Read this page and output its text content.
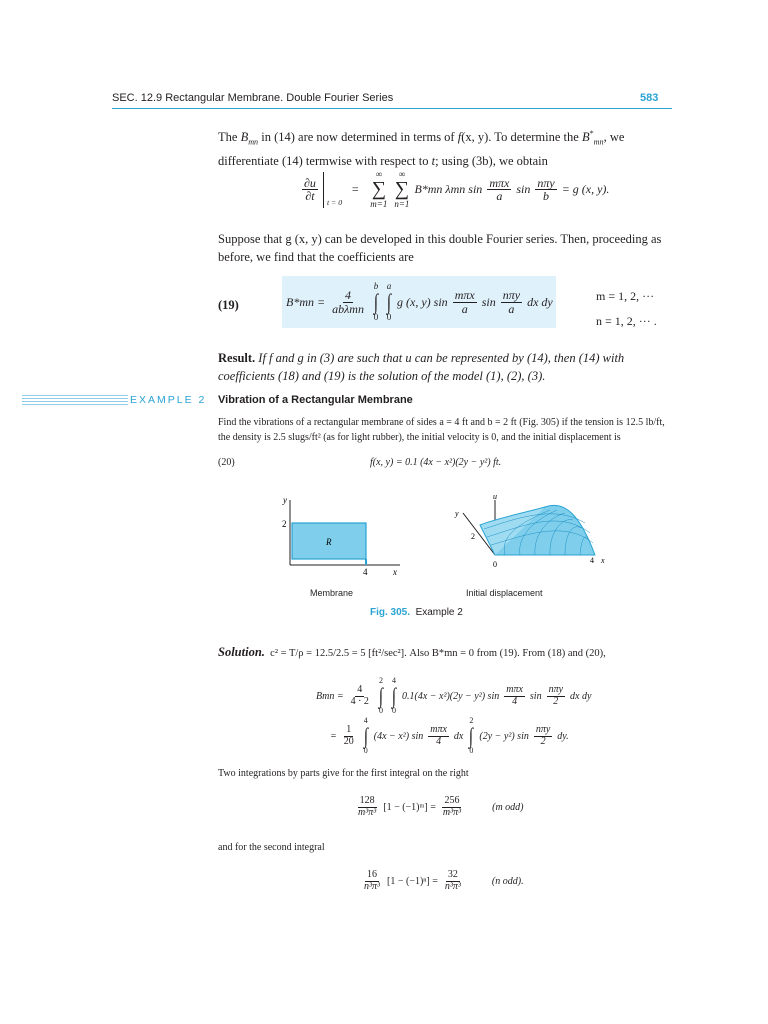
SEC. 12.9 Rectangular Membrane. Double Fourier Series	583
The $B_{mn}$ in (14) are now determined in terms of f(x, y). To determine the $B^*_{mn}$, we differentiate (14) termwise with respect to t; using (3b), we obtain
$\frac{\partial u}{\partial t} _{t = 0}$
=
∞
∑
m=1
∞
∑
n=1
B*mn λmn $\sin \frac{\text{mπx}}{a}$ $\sin \frac{\text{nπy}}{b} = g$ (x, y).
Suppose that g (x, y) can be developed in this double Fourier series. Then, proceeding as before, we find that the coefficients are
(19)	$B*mn = \frac{4}{\text{abλmn}}$
b
∫
0
a
∫
0
g (x, y) $\sin \frac{\text{mπx}}{a}$ $\sin \frac{\text{nπy}}{a}$ dx dy	m = 1, 2, ···
n = 1, 2, ··· .
Result. If f and g in (3) are such that u can be represented by (14), then (14) with coefficients (18) and (19) is the solution of the model (1), (2), (3).
EXAMPLE 2 Vibration of a Rectangular Membrane
Find the vibrations of a rectangular membrane of sides a = 4 ft and b = 2 ft (Fig. 305) if the tension is 12.5 lb/ft, the density is 2.5 slugs/ft² (as for light rubber), the initial velocity is 0, and the initial displacement is
(20)	f(x, y) = 0.1 (4x − x²)(2y − y²) ft.
y
2
R
4	x
u
y
2
0	4 x
Membrane	Initial displacement
Fig. 305. Example 2
Solution. c² = T/ρ = 12.5/2.5 = 5 [ft²/sec²]. Also B*mn = 0 from (19). From (18) and (20),
Bmn = $\frac{4}{4 \cdot 2}$
2
∫
0
4
∫
0
0.1(4x − x²)(2y − y²) $\sin \frac{\text{mπx}}{4}$ $\sin \frac{\text{nπy}}{2}$ dx dy
= $\frac{1}{20}$
4
∫
0
(4x − x²) $\sin \frac{\text{mπx}}{4}$ dx
2
∫
0
(2y − y²) $\sin \frac{\text{nπy}}{2}$ dy.
Two integrations by parts give for the first integral on the right
$\frac{128}{\text{m³π³}} [1$ − (−1)ᵐ] = $\frac{256}{\text{m³π³}}$	(m odd)
and for the second integral
$\frac{16}{\text{n³π³}} [1 - (-1)^n] = \frac{32}{\text{n³π³}}$	(n odd).
